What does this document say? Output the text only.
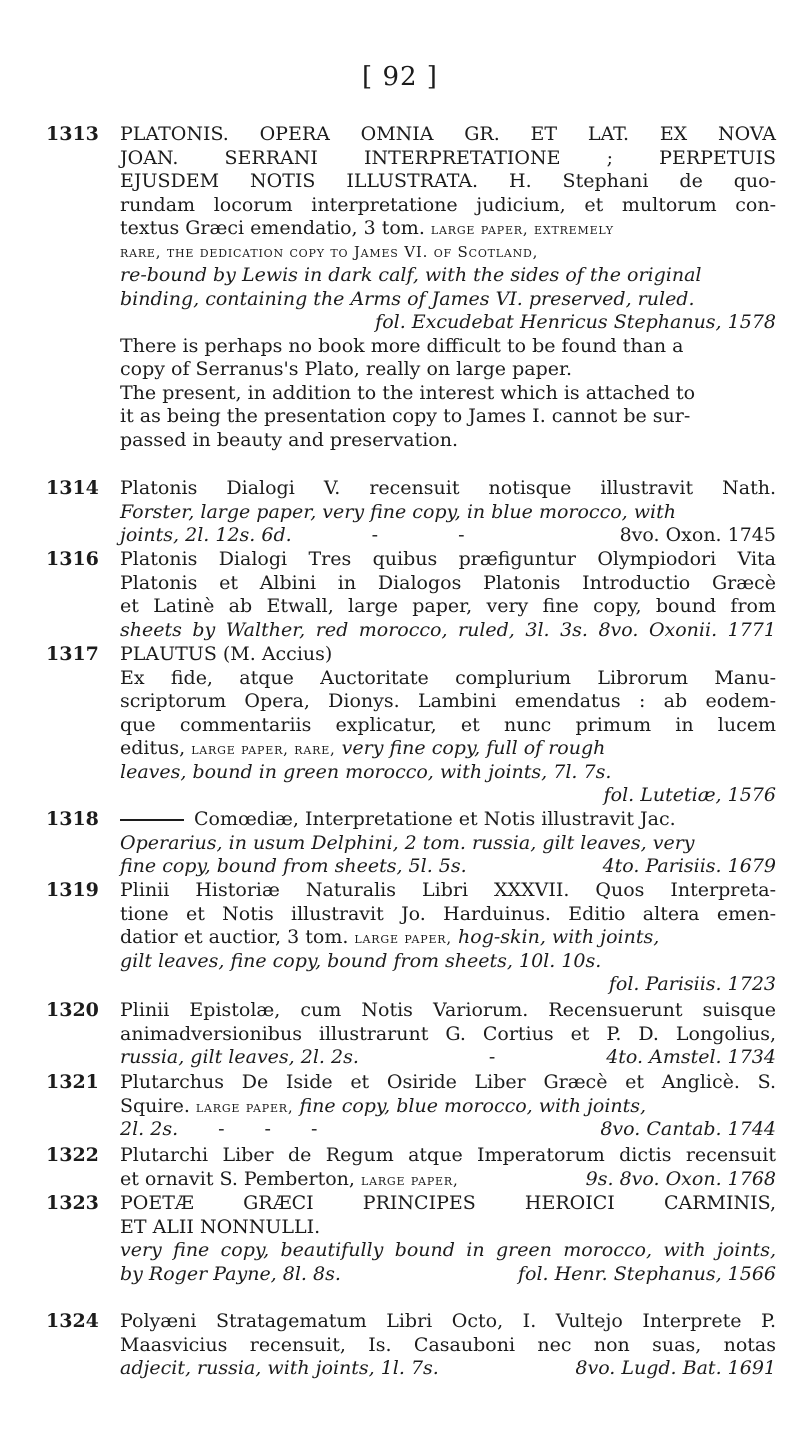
[ 92 ]
1313	PLATONIS. OPERA OMNIA GR. ET LAT. EX NOVA
JOAN. SERRANI INTERPRETATIONE ; PERPETUIS
EJUSDEM NOTIS ILLUSTRATA. H. Stephani de quo-
rundam locorum interpretatione judicium, et multorum con-
textus Græci emendatio, 3 tom. large paper, extremely
rare, the dedication copy to James VI. of Scotland,
re-bound by Lewis in dark calf, with the sides of the original
binding, containing the Arms of James VI. preserved, ruled.
fol. Excudebat Henricus Stephanus, 1578
There is perhaps no book more difficult to be found than a
copy of Serranus's Plato, really on large paper.
The present, in addition to the interest which is attached to
it as being the presentation copy to James I. cannot be sur-
passed in beauty and preservation.
1314	Platonis Dialogi V. recensuit notisque illustravit Nath.
Forster, large paper, very fine copy, in blue morocco, with
joints, 2l. 12s. 6d.	-	-	8vo. Oxon. 1745
1316	Platonis Dialogi Tres quibus præfiguntur Olympiodori Vita
Platonis et Albini in Dialogos Platonis Introductio Græcè
et Latinè ab Etwall, large paper, very fine copy, bound from
sheets by Walther, red morocco, ruled, 3l. 3s. 8vo. Oxonii. 1771
1317	PLAUTUS (M. Accius)
Ex fide, atque Auctoritate complurium Librorum Manu-
scriptorum Opera, Dionys. Lambini emendatus : ab eodem-
que commentariis explicatur, et nunc primum in lucem
editus, large paper, rare, very fine copy, full of rough
leaves, bound in green morocco, with joints, 7l. 7s.
fol. Lutetiæ, 1576
1318	Comœdiæ, Interpretatione et Notis illustravit Jac.
Operarius, in usum Delphini, 2 tom. russia, gilt leaves, very
fine copy, bound from sheets, 5l. 5s.	4to. Parisiis. 1679
1319	Plinii Historiæ Naturalis Libri XXXVII. Quos Interpreta-
tione et Notis illustravit Jo. Harduinus. Editio altera emen-
datior et auctior, 3 tom. large paper, hog-skin, with joints,
gilt leaves, fine copy, bound from sheets, 10l. 10s.
fol. Parisiis. 1723
1320	Plinii Epistolæ, cum Notis Variorum. Recensuerunt suisque
animadversionibus illustrarunt G. Cortius et P. D. Longolius,
russia, gilt leaves, 2l. 2s.	-	4to. Amstel. 1734
1321	Plutarchus De Iside et Osiride Liber Græcè et Anglicè. S.
Squire. large paper, fine copy, blue morocco, with joints,
2l. 2s. - - -	8vo. Cantab. 1744
1322	Plutarchi Liber de Regum atque Imperatorum dictis recensuit
et ornavit S. Pemberton, large paper,	9s. 8vo. Oxon. 1768
1323	POETÆ GRÆCI PRINCIPES HEROICI CARMINIS,
ET ALII NONNULLI.
very fine copy, beautifully bound in green morocco, with joints,
by Roger Payne, 8l. 8s.	fol. Henr. Stephanus, 1566
1324	Polyæni Stratagematum Libri Octo, I. Vultejo Interprete P.
Maasvicius recensuit, Is. Casauboni nec non suas, notas
adjecit, russia, with joints, 1l. 7s.	8vo. Lugd. Bat. 1691
